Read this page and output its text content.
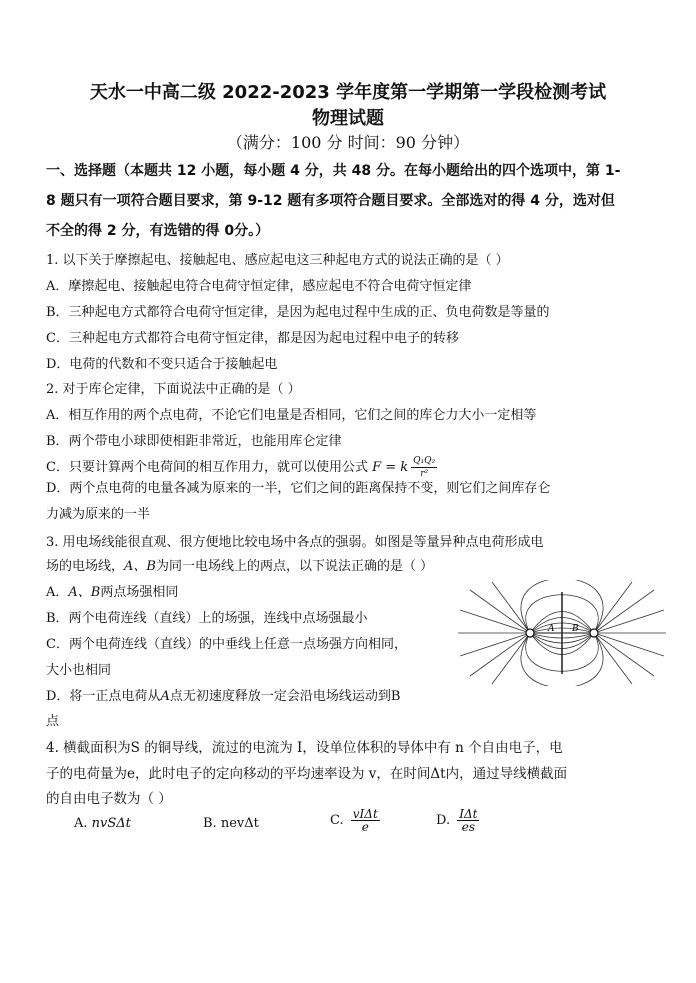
天水一中高二级 2022-2023 学年度第一学期第一学段检测考试
物理试题
（满分：100 分 时间：90 分钟）
一、选择题（本题共 12 小题，每小题 4 分，共 48 分。在每小题给出的四个选项中，第 1-
8 题只有一项符合题目要求，第 9-12 题有多项符合题目要求。全部选对的得 4 分，选对但
不全的得 2 分，有选错的得 0分。）
1. 以下关于摩擦起电、接触起电、感应起电这三种起电方式的说法正确的是（ ）
A．摩擦起电、接触起电符合电荷守恒定律，感应起电不符合电荷守恒定律
B．三种起电方式都符合电荷守恒定律，是因为起电过程中生成的正、负电荷数是等量的
C．三种起电方式都符合电荷守恒定律，都是因为起电过程中电子的转移
D．电荷的代数和不变只适合于接触起电
2. 对于库仑定律，下面说法中正确的是（ ）
A．相互作用的两个点电荷，不论它们电量是否相同，它们之间的库仑力大小一定相等
B．两个带电小球即使相距非常近，也能用库仑定律
C．只要计算两个电荷间的相互作用力，就可以使用公式 F = k $\frac{\text{Q₁Q₂}}{\text{r²}}$
D．两个点电荷的电量各减为原来的一半，它们之间的距离保持不变，则它们之间库存仑
力减为原来的一半
3. 用电场线能很直观、很方便地比较电场中各点的强弱。如图是等量异种点电荷形成电
场的电场线，A、B为同一电场线上的两点，以下说法正确的是（ ）
A．A、B两点场强相同
B．两个电荷连线（直线）上的场强，连线中点场强最小
C．两个电荷连线（直线）的中垂线上任意一点场强方向相同，
大小也相同
D．将一正点电荷从A点无初速度释放一定会沿电场线运动到B
点
A B
4. 横截面积为S 的铜导线，流过的电流为 I，设单位体积的导体中有 n 个自由电子，电
子的电荷量为e，此时电子的定向移动的平均速率设为 v，在时间Δt内，通过导线横截面
的自由电子数为（ ）
A. nvSΔt	B. nevΔt	C. $\frac{\text{vIΔt}}{e}$	D. $\frac{\text{IΔt}}{es}$
